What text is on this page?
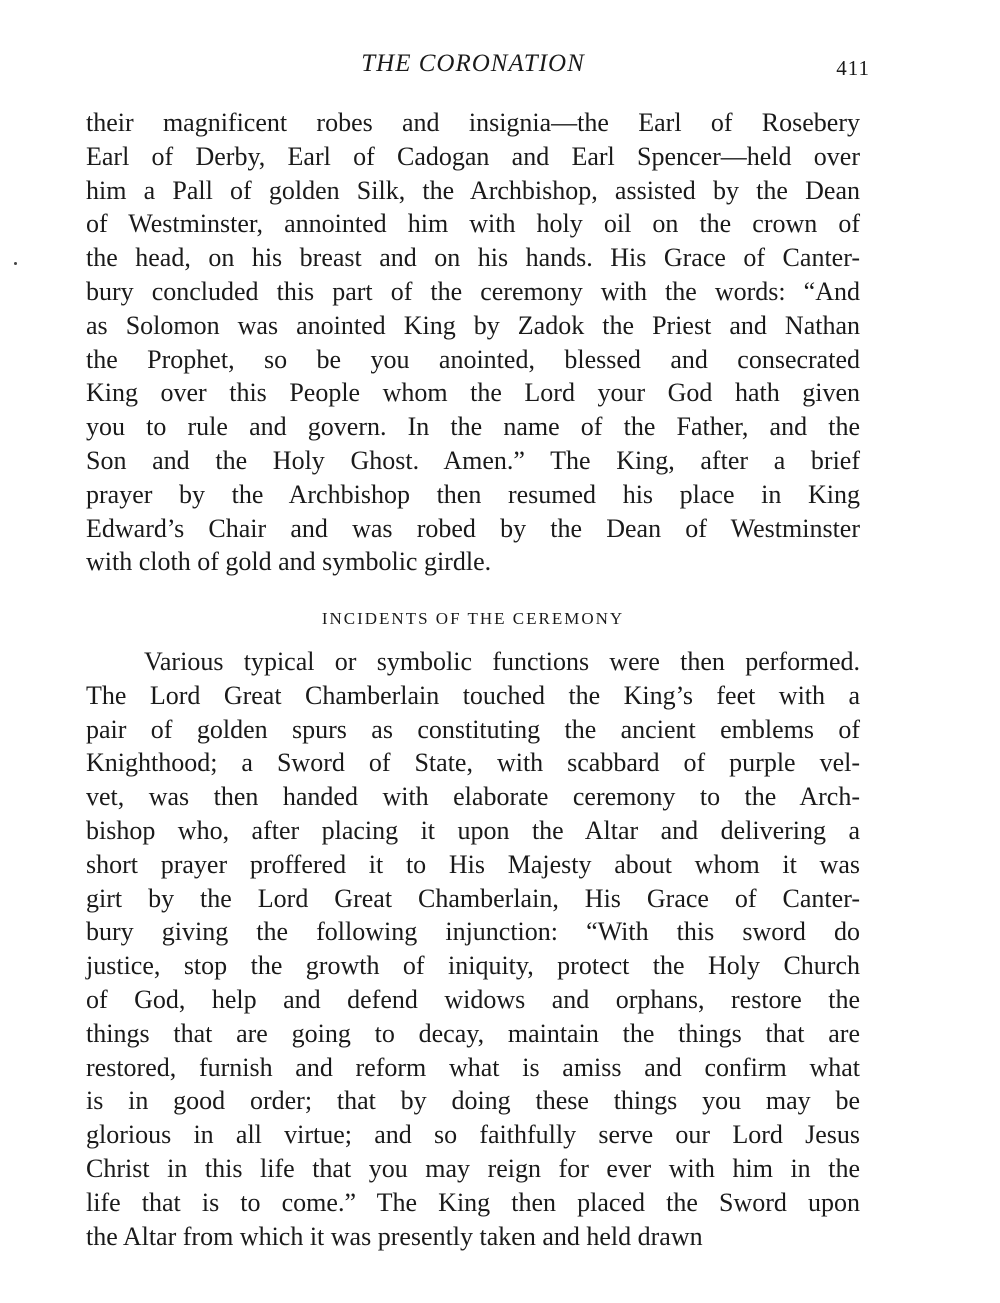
THE CORONATION	411
their magnificent robes and insignia—the Earl of Rosebery
Earl of Derby, Earl of Cadogan and Earl Spencer—held over
him a Pall of golden Silk, the Archbishop, assisted by the Dean
of Westminster, annointed him with holy oil on the crown of
the head, on his breast and on his hands. His Grace of Canter-
bury concluded this part of the ceremony with the words: “And
as Solomon was anointed King by Zadok the Priest and Nathan
the Prophet, so be you anointed, blessed and consecrated
King over this People whom the Lord your God hath given
you to rule and govern. In the name of the Father, and the
Son and the Holy Ghost. Amen.” The King, after a brief
prayer by the Archbishop then resumed his place in King
Edward’s Chair and was robed by the Dean of Westminster
with cloth of gold and symbolic girdle.
INCIDENTS OF THE CEREMONY
Various typical or symbolic functions were then performed.
The Lord Great Chamberlain touched the King’s feet with a
pair of golden spurs as constituting the ancient emblems of
Knighthood; a Sword of State, with scabbard of purple vel-
vet, was then handed with elaborate ceremony to the Arch-
bishop who, after placing it upon the Altar and delivering a
short prayer proffered it to His Majesty about whom it was
girt by the Lord Great Chamberlain, His Grace of Canter-
bury giving the following injunction: “With this sword do
justice, stop the growth of iniquity, protect the Holy Church
of God, help and defend widows and orphans, restore the
things that are going to decay, maintain the things that are
restored, furnish and reform what is amiss and confirm what
is in good order; that by doing these things you may be
glorious in all virtue; and so faithfully serve our Lord Jesus
Christ in this life that you may reign for ever with him in the
life that is to come.” The King then placed the Sword upon
the Altar from which it was presently taken and held drawn
